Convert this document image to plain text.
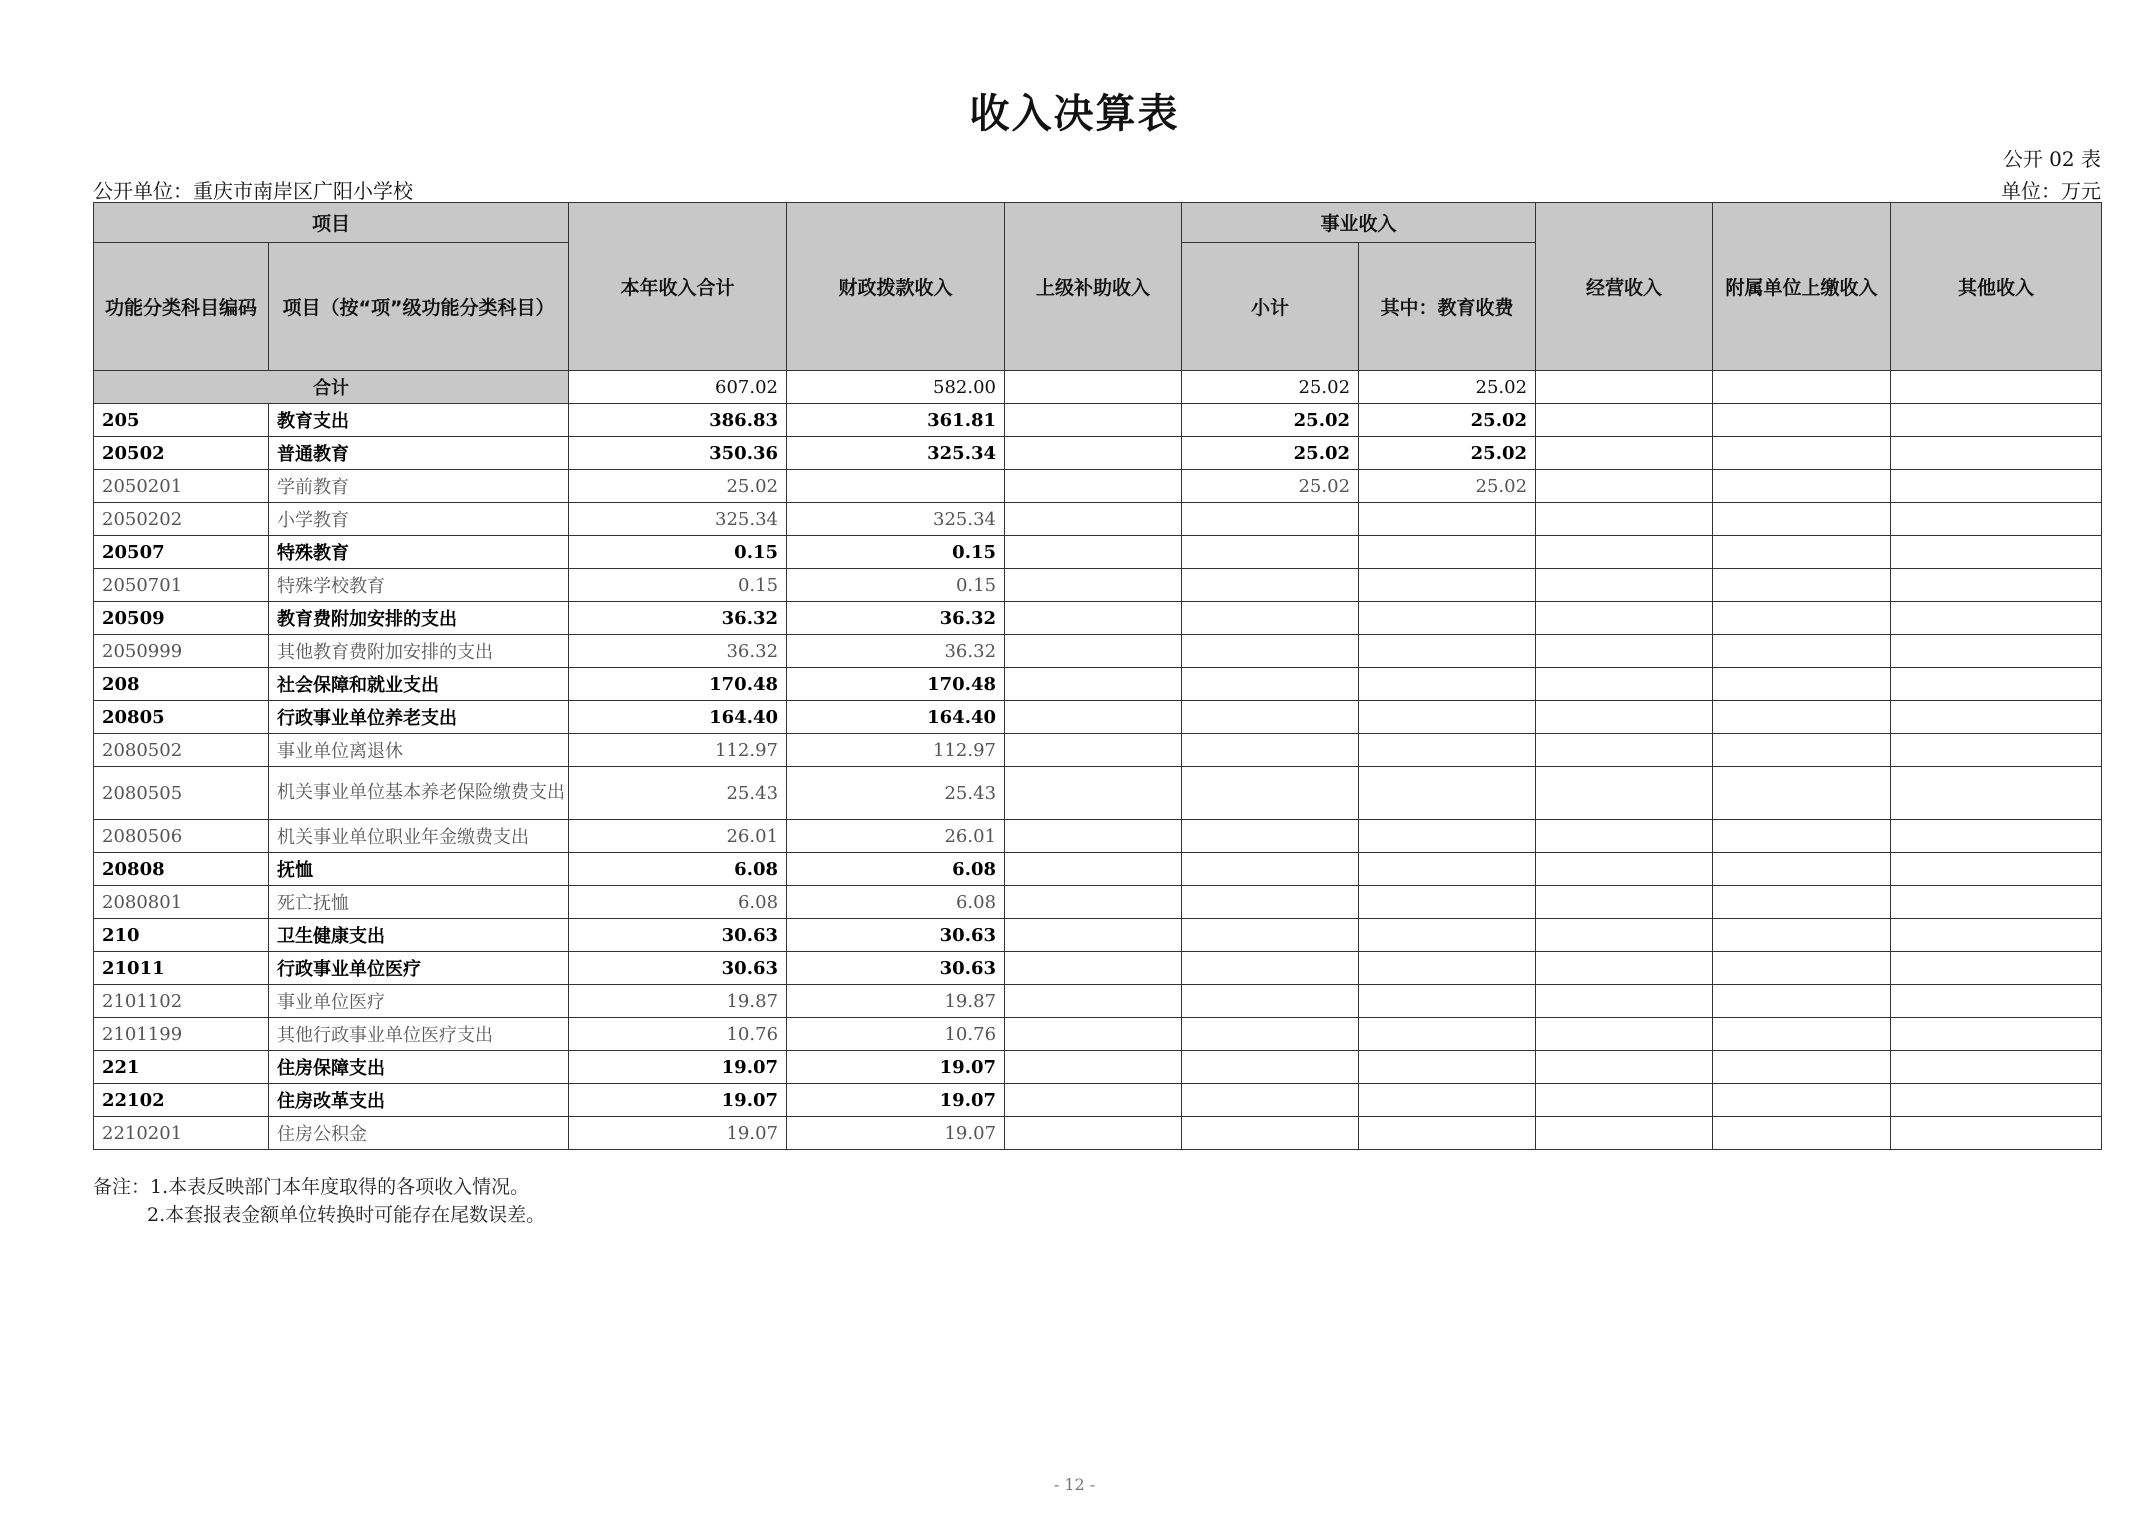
收入决算表
公开 02 表
公开单位：重庆市南岸区广阳小学校	单位：万元
项目		本年收入合计	财政拨款收入	上级补助收入	事业收入		经营收入	附属单位上缴收入	其他收入
功能分类科目编码	项目（按“项”级功能分类科目）				小计	其中：教育收费			
合计		607.02	582.00		25.02	25.02			
205	教育支出	386.83	361.81		25.02	25.02			
20502	普通教育	350.36	325.34		25.02	25.02			
2050201	学前教育	25.02			25.02	25.02			
2050202	小学教育	325.34	325.34						
20507	特殊教育	0.15	0.15						
2050701	特殊学校教育	0.15	0.15						
20509	教育费附加安排的支出	36.32	36.32						
2050999	其他教育费附加安排的支出	36.32	36.32						
208	社会保障和就业支出	170.48	170.48						
20805	行政事业单位养老支出	164.40	164.40						
2080502	事业单位离退休	112.97	112.97						
2080505	机关事业单位基本养老保险缴费支出	25.43	25.43						
2080506	机关事业单位职业年金缴费支出	26.01	26.01						
20808	抚恤	6.08	6.08						
2080801	死亡抚恤	6.08	6.08						
210	卫生健康支出	30.63	30.63						
21011	行政事业单位医疗	30.63	30.63						
2101102	事业单位医疗	19.87	19.87						
2101199	其他行政事业单位医疗支出	10.76	10.76						
221	住房保障支出	19.07	19.07						
22102	住房改革支出	19.07	19.07						
2210201	住房公积金	19.07	19.07						
备注：1.本表反映部门本年度取得的各项收入情况。
2.本套报表金额单位转换时可能存在尾数误差。
- 12 -
